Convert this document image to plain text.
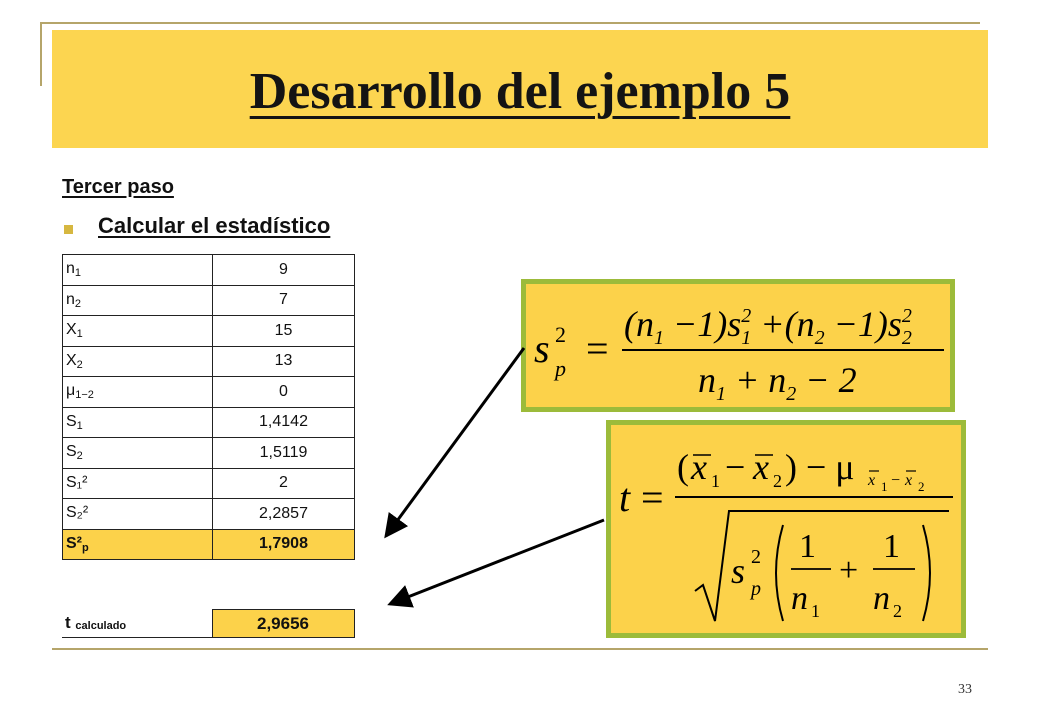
Desarrollo del ejemplo 5
Tercer paso
Calcular el estadístico
$n_1$	9
$n_2$	7
$X_1$	15
$X_2$	13
$\mu_{1-2}$	0
$S_1$	1,4142
$S_2$	1,5119
S₁²	2
S₂²	2,2857
$S^2_p$	1,7908
t calculado	2,9656
s 2
p =
$(n_1 -1)s^2$ $1 +(n_2 -1)s^2$ 2
$n_1 + n_2 - 2$
t =
( x 1 − x 2 ) − μ x 1 − x 2
s 2
p
1
n 1
+
1
n 2
33
